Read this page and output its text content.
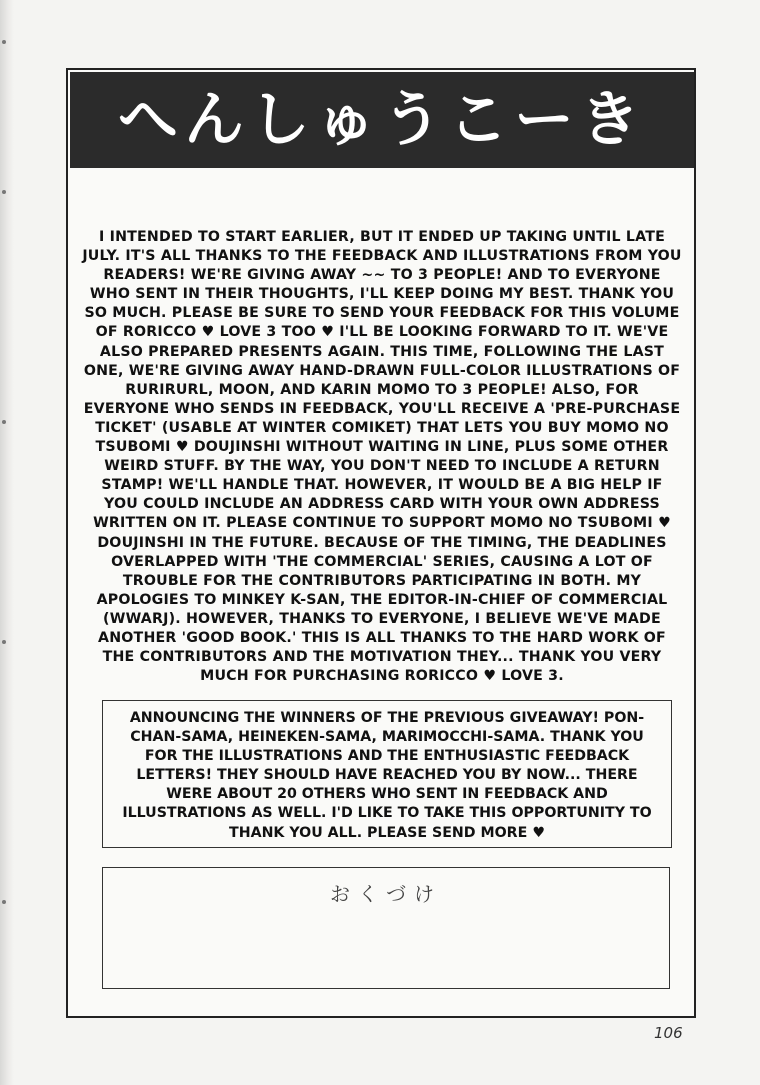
へんしゅうこーき
I INTENDED TO START EARLIER, BUT IT ENDED UP TAKING UNTIL LATE JULY. IT'S ALL THANKS TO THE FEEDBACK AND ILLUSTRATIONS FROM YOU READERS! WE'RE GIVING AWAY ~~ TO 3 PEOPLE! AND TO EVERYONE WHO SENT IN THEIR THOUGHTS, I'LL KEEP DOING MY BEST. THANK YOU SO MUCH. PLEASE BE SURE TO SEND YOUR FEEDBACK FOR THIS VOLUME OF RORICCO ♥ LOVE 3 TOO ♥ I'LL BE LOOKING FORWARD TO IT. WE'VE ALSO PREPARED PRESENTS AGAIN. THIS TIME, FOLLOWING THE LAST ONE, WE'RE GIVING AWAY HAND-DRAWN FULL-COLOR ILLUSTRATIONS OF RURIRURL, MOON, AND KARIN MOMO TO 3 PEOPLE! ALSO, FOR EVERYONE WHO SENDS IN FEEDBACK, YOU'LL RECEIVE A 'PRE-PURCHASE TICKET' (USABLE AT WINTER COMIKET) THAT LETS YOU BUY MOMO NO TSUBOMI ♥ DOUJINSHI WITHOUT WAITING IN LINE, PLUS SOME OTHER WEIRD STUFF. BY THE WAY, YOU DON'T NEED TO INCLUDE A RETURN STAMP! WE'LL HANDLE THAT. HOWEVER, IT WOULD BE A BIG HELP IF YOU COULD INCLUDE AN ADDRESS CARD WITH YOUR OWN ADDRESS WRITTEN ON IT. PLEASE CONTINUE TO SUPPORT MOMO NO TSUBOMI ♥ DOUJINSHI IN THE FUTURE. BECAUSE OF THE TIMING, THE DEADLINES OVERLAPPED WITH 'THE COMMERCIAL' SERIES, CAUSING A LOT OF TROUBLE FOR THE CONTRIBUTORS PARTICIPATING IN BOTH. MY APOLOGIES TO MINKEY K-SAN, THE EDITOR-IN-CHIEF OF COMMERCIAL (WWARJ). HOWEVER, THANKS TO EVERYONE, I BELIEVE WE'VE MADE ANOTHER 'GOOD BOOK.' THIS IS ALL THANKS TO THE HARD WORK OF THE CONTRIBUTORS AND THE MOTIVATION THEY... THANK YOU VERY MUCH FOR PURCHASING RORICCO ♥ LOVE 3.
ANNOUNCING THE WINNERS OF THE PREVIOUS GIVEAWAY! PON-CHAN-SAMA, HEINEKEN-SAMA, MARIMOCCHI-SAMA. THANK YOU FOR THE ILLUSTRATIONS AND THE ENTHUSIASTIC FEEDBACK LETTERS! THEY SHOULD HAVE REACHED YOU BY NOW... THERE WERE ABOUT 20 OTHERS WHO SENT IN FEEDBACK AND ILLUSTRATIONS AS WELL. I'D LIKE TO TAKE THIS OPPORTUNITY TO THANK YOU ALL. PLEASE SEND MORE ♥
おくづけ
106
